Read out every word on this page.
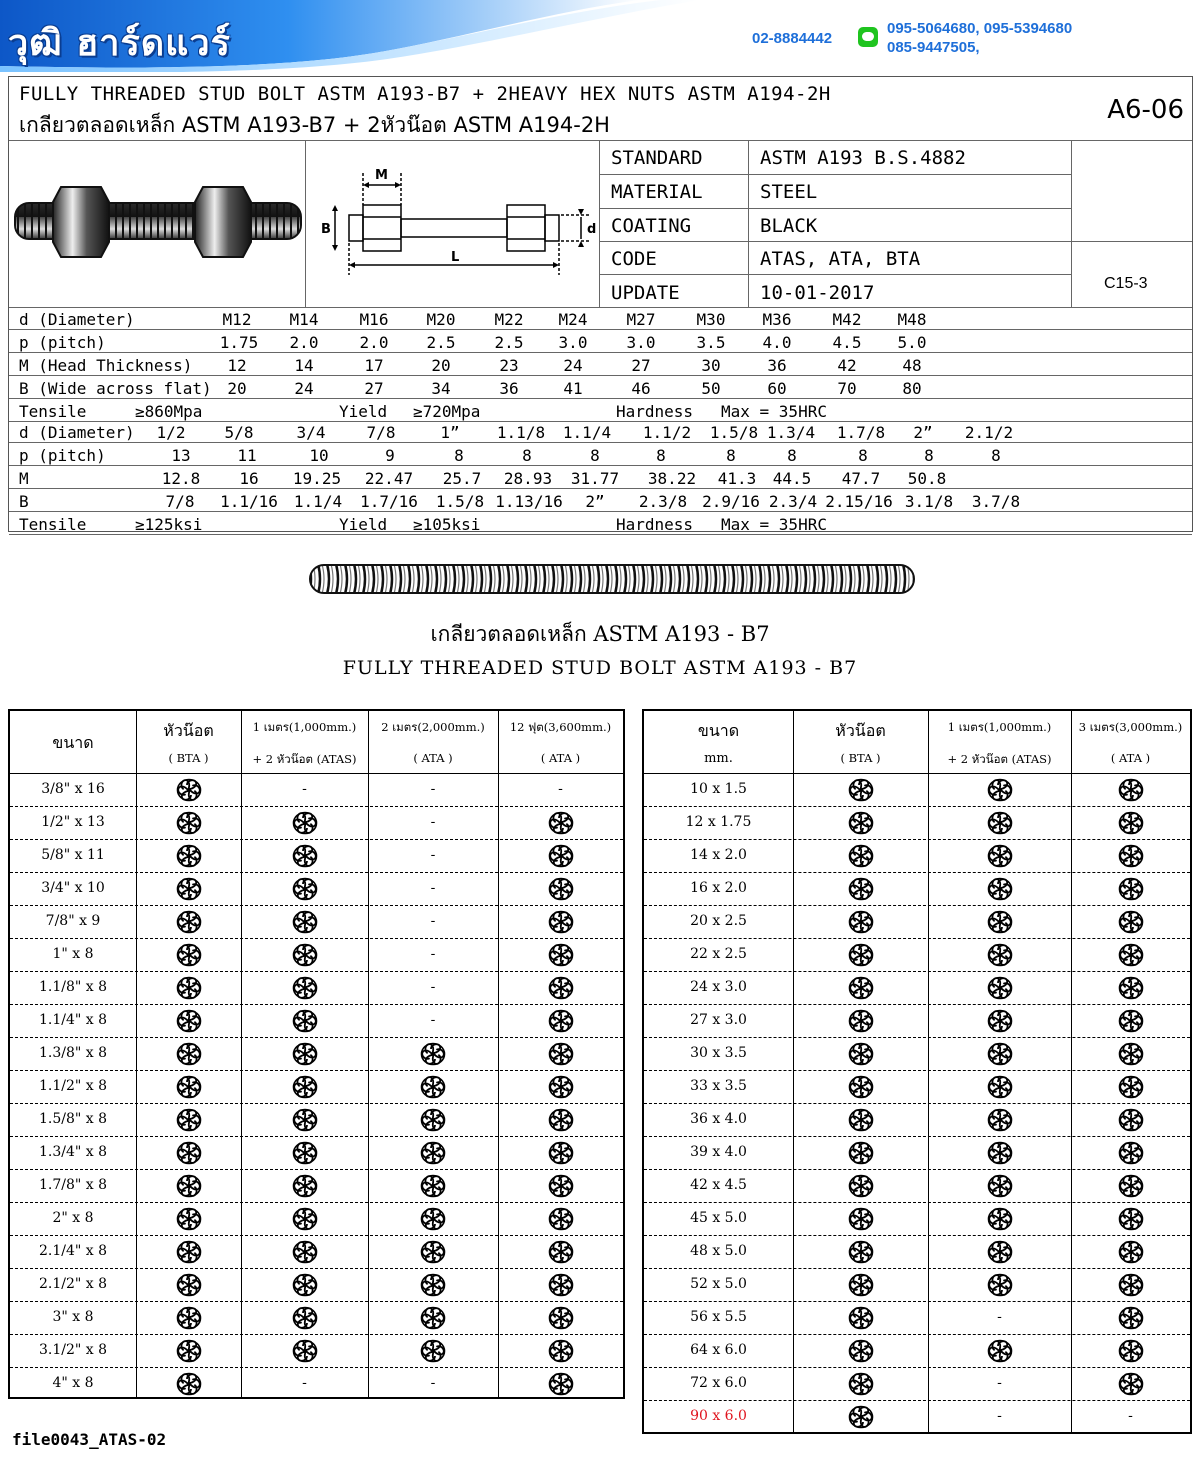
วุฒิ ฮาร์ดแวร์	02-8884442
095-5064680, 095-5394680
085-9447505,
FULLY THREADED STUD BOLT ASTM A193-B7 + 2HEAVY HEX NUTS ASTM A194-2H
เกลียวตลอดเหล็ก ASTM A193-B7 + 2หัวน๊อต ASTM A194-2H	A6-06
M
B
L
d
STANDARD	ASTM A193 B.S.4882
MATERIAL	STEEL
COATING	BLACK
CODE	ATAS, ATA, BTA
UPDATE	10-01-2017	C15-3
d (Diameter)	M12 M14	M16 M20 M22 M24 M27	M30 M36	M42 M48
p (pitch)	1.75 2.0	2.0 2.5 2.5 3.0 3.0	3.5 4.0	4.5 5.0
M (Head Thickness) 12	14	17	20	23	24	27	30	36	42	48
B (Wide across flat) 20	24	27	34	36	41	46	50	60	70	80
Tensile	≥860Mpa	Yield ≥720Mpa	Hardness Max = 35HRC
d (Diameter) 1/2 5/8	3/4	7/8	1” 1.1/8 1.1/4 1.1/2 1.5/8 1.3/4 1.7/8 2” 2.1/2
p (pitch)	13	11	10	9	8	8	8	8	8	8	8	8	8
M	12.8 16 19.25 22.47 25.7 28.93 31.77 38.22 41.3 44.5 47.7 50.8
B	7/8 1.1/16 1.1/4 1.7/16 1.5/8 1.13/16 2” 2.3/8 2.9/16 2.3/4 2.15/16 3.1/8 3.7/8
Tensile	≥125ksi	Yield ≥105ksi	Hardness Max = 35HRC
เกลียวตลอดเหล็ก ASTM A193 - B7
FULLY THREADED STUD BOLT ASTM A193 - B7
ขนาด
หัวน๊อต
( BTA )
1 เมตร(1,000mm.)
+ 2 หัวน๊อต (ATAS)
2 เมตร(2,000mm.)
( ATA )
12 ฟุต(3,600mm.)
( ATA )
3/8" x 16	-	-	-
1/2" x 13	-
5/8" x 11	-
3/4" x 10	-
7/8" x 9	-
1" x 8	-
1.1/8" x 8	-
1.1/4" x 8	-
1.3/8" x 8
1.1/2" x 8
1.5/8" x 8
1.3/4" x 8
1.7/8" x 8
2" x 8
2.1/4" x 8
2.1/2" x 8
3" x 8
3.1/2" x 8
4" x 8	-	-
ขนาด
mm.
หัวน๊อต
( BTA )
1 เมตร(1,000mm.)
+ 2 หัวน๊อต (ATAS)
3 เมตร(3,000mm.)
( ATA )
10 x 1.5
12 x 1.75
14 x 2.0
16 x 2.0
20 x 2.5
22 x 2.5
24 x 3.0
27 x 3.0
30 x 3.5
33 x 3.5
36 x 4.0
39 x 4.0
42 x 4.5
45 x 5.0
48 x 5.0
52 x 5.0
56 x 5.5	-
64 x 6.0
72 x 6.0	-
90 x 6.0	-	-
file0043_ATAS-02
